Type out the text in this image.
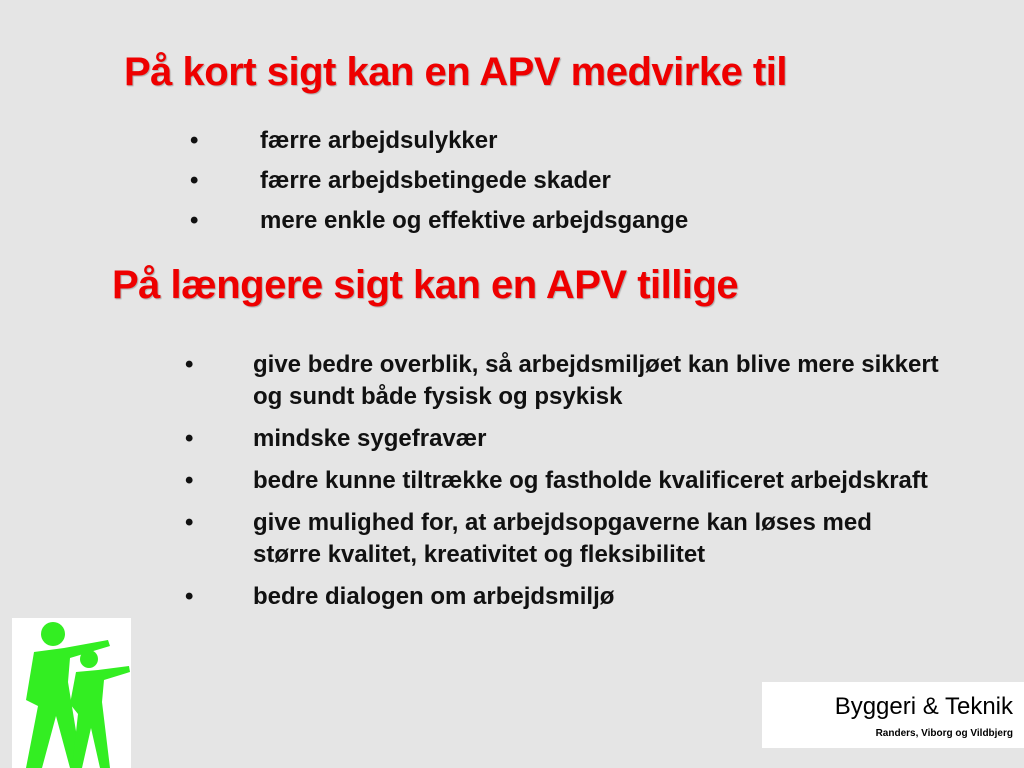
På kort sigt kan en APV medvirke til
•	færre arbejdsulykker
•	færre arbejdsbetingede skader
•	mere enkle og effektive arbejdsgange
På længere sigt kan en APV tillige
• give bedre overblik, så arbejdsmiljøet kan blive mere sikkert og sundt både fysisk og psykisk
• mindske sygefravær
• bedre kunne tiltrække og fastholde kvalificeret arbejdskraft
• give mulighed for, at arbejdsopgaverne kan løses med større kvalitet, kreativitet og fleksibilitet
• bedre dialogen om arbejdsmiljø
Byggeri & Teknik
Randers, Viborg og Vildbjerg
